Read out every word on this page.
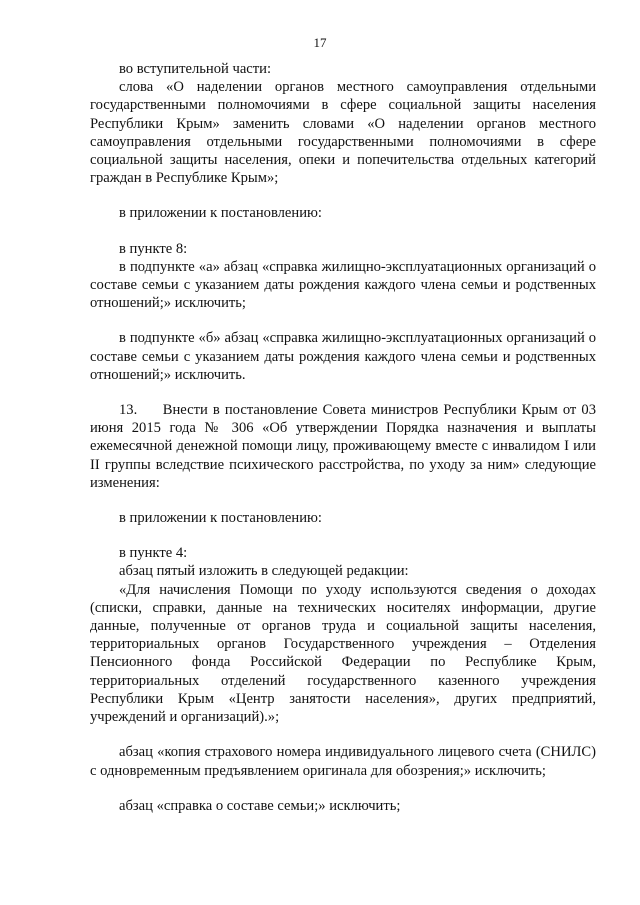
17

во вступительной части:

слова «О наделении органов местного самоуправления отдельными государственными полномочиями в сфере социальной защиты населения Республики Крым» заменить словами «О наделении органов местного самоуправления отдельными государственными полномочиями в сфере социальной защиты населения, опеки и попечительства отдельных категорий граждан в Республике Крым»;

в приложении к постановлению:

в пункте 8:

в подпункте «а» абзац «справка жилищно-эксплуатационных организаций о составе семьи с указанием даты рождения каждого члена семьи и родственных отношений;» исключить;

в подпункте «б» абзац «справка жилищно-эксплуатационных организаций о составе семьи с указанием даты рождения каждого члена семьи и родственных отношений;» исключить.

13.     Внести в постановление Совета министров Республики Крым от 03 июня 2015 года № 306 «Об утверждении Порядка назначения и выплаты ежемесячной денежной помощи лицу, проживающему вместе с инвалидом I или II группы вследствие психического расстройства, по уходу за ним» следующие изменения:

в приложении к постановлению:

в пункте 4:

абзац пятый изложить в следующей редакции:

«Для начисления Помощи по уходу используются сведения о доходах (списки, справки, данные на технических носителях информации, другие данные, полученные от органов труда и социальной защиты населения, территориальных органов Государственного учреждения – Отделения Пенсионного фонда Российской Федерации по Республике Крым, территориальных отделений государственного казенного учреждения Республики Крым «Центр занятости населения», других предприятий, учреждений и организаций).»;

абзац «копия страхового номера индивидуального лицевого счета (СНИЛС) с одновременным предъявлением оригинала для обозрения;» исключить;

абзац «справка о составе семьи;» исключить;
